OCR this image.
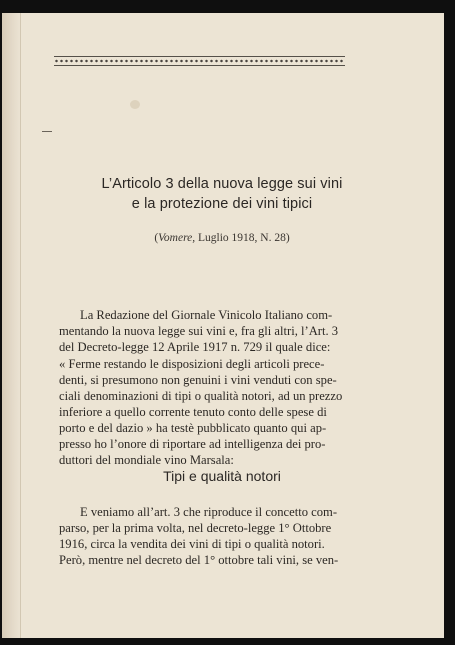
L’Articolo 3 della nuova legge sui vini
e la protezione dei vini tipici
(Vomere, Luglio 1918, N. 28)
La Redazione del Giornale Vinicolo Italiano com-
mentando la nuova legge sui vini e, fra gli altri, l’Art. 3
del Decreto-legge 12 Aprile 1917 n. 729 il quale dice:
« Ferme restando le disposizioni degli articoli prece-
denti, si presumono non genuini i vini venduti con spe-
ciali denominazioni di tipi o qualità notori, ad un prezzo
inferiore a quello corrente tenuto conto delle spese di
porto e del dazio » ha testè pubblicato quanto qui ap-
presso ho l’onore di riportare ad intelligenza dei pro-
duttori del mondiale vino Marsala:
Tipi e qualità notori
E veniamo all’art. 3 che riproduce il concetto com-
parso, per la prima volta, nel decreto-legge 1° Ottobre
1916, circa la vendita dei vini di tipi o qualità notori.
Però, mentre nel decreto del 1° ottobre tali vini, se ven-
